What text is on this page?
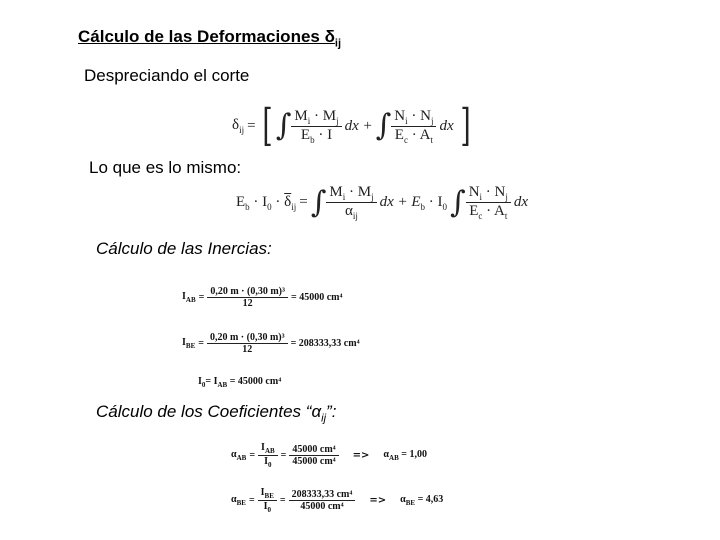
Cálculo de las Deformaciones $\delta_{ij}$
Despreciando el corte
$\delta_{ij}$ = [ ∫ $\frac{M_i \cdot M_j}{E_b \cdot I}$ dx + ∫ $\frac{N_i \cdot N_j}{E_c \cdot A_t}$ dx ]
Lo que es lo mismo:
$E_b \cdot I_0 \cdot \overline{\delta}_{ij}$ = ∫ $\frac{M_i \cdot M_j}{\alpha_{ij}}$ dx + $E_b \cdot I_0$ ∫ $\frac{N_i \cdot N_j}{E_c \cdot A_t}$ dx
Cálculo de las Inercias:
$I_{AB} = \frac{\text{0,20 m · (0,30 m)³}}{12} = 45000$ cm⁴
$I_{BE} = \frac{\text{0,20 m · (0,30 m)³}}{12} = 208333,33$ cm⁴
$I_0= I_{AB} = 45000$ cm⁴
Cálculo de los Coeficientes “$\alpha_{ij}$”:
$\alpha_{AB} = \frac{I_{AB}}{I_0} = \frac{\text{45000 cm⁴}}{\text{45000 cm⁴}}$	=>	$\alpha_{AB} = 1,00$
$\alpha_{BE} = \frac{I_{BE}}{I_0} = \frac{\text{208333,33 cm⁴}}{\text{45000 cm⁴}}$	=>	$\alpha_{BE} = 4,63$
